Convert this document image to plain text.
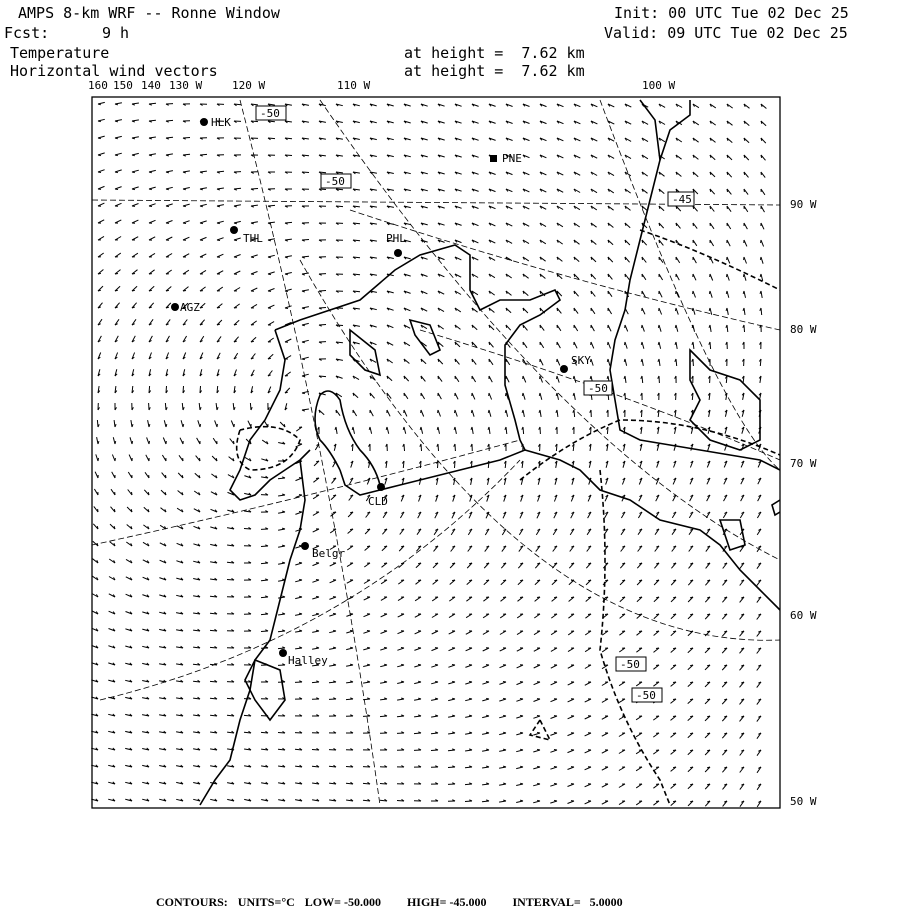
AMPS 8-km WRF -- Ronne Window
Fcst:	9 h
Temperature
Horizontal wind vectors
at height =  7.62 km
at height =  7.62 km
Init: 00 UTC Tue 02 Dec 25
Valid: 09 UTC Tue 02 Dec 25
-50
-50
-45
-50
-50
-50
HLK
PNE
THL	PHL
AGZ
SKY
CLD
Belgr
Halley
160 150 140 130 W	120 W	110 W	100 W
90 W
80 W
70 W
60 W
50 W

CONTOURS: UNITS=°C LOW= -50.000 HIGH= -45.000 INTERVAL=   5.0000
